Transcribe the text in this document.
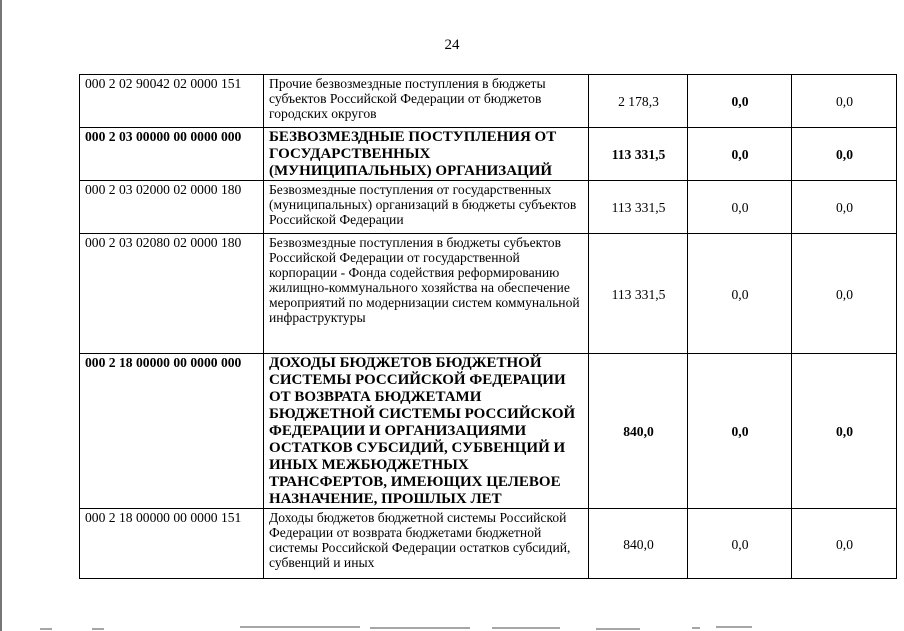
24
000 2 02 90042 02 0000 151	Прочие безвозмездные поступления в бюджеты субъектов Российской Федерации от бюджетов городских округов	2 178,3	0,0	0,0
000 2 03 00000 00 0000 000	БЕЗВОЗМЕЗДНЫЕ ПОСТУПЛЕНИЯ ОТ ГОСУДАРСТВЕННЫХ (МУНИЦИПАЛЬНЫХ) ОРГАНИЗАЦИЙ	113 331,5	0,0	0,0
000 2 03 02000 02 0000 180	Безвозмездные поступления от государственных (муниципальных) организаций в бюджеты субъектов Российской Федерации	113 331,5	0,0	0,0
000 2 03 02080 02 0000 180	Безвозмездные поступления в бюджеты субъектов Российской Федерации от государственной корпорации - Фонда содействия реформированию жилищно-коммунального хозяйства на обеспечение мероприятий по модернизации систем коммунальной инфраструктуры	113 331,5	0,0	0,0
000 2 18 00000 00 0000 000	ДОХОДЫ БЮДЖЕТОВ БЮДЖЕТНОЙ СИСТЕМЫ РОССИЙСКОЙ ФЕДЕРАЦИИ ОТ ВОЗВРАТА БЮДЖЕТАМИ БЮДЖЕТНОЙ СИСТЕМЫ РОССИЙСКОЙ ФЕДЕРАЦИИ И ОРГАНИЗАЦИЯМИ ОСТАТКОВ СУБСИДИЙ, СУБВЕНЦИЙ И ИНЫХ МЕЖБЮДЖЕТНЫХ ТРАНСФЕРТОВ, ИМЕЮЩИХ ЦЕЛЕВОЕ НАЗНАЧЕНИЕ, ПРОШЛЫХ ЛЕТ	840,0	0,0	0,0
000 2 18 00000 00 0000 151	Доходы бюджетов бюджетной системы Российской Федерации от возврата бюджетами бюджетной системы Российской Федерации остатков субсидий, субвенций и иных	840,0	0,0	0,0
